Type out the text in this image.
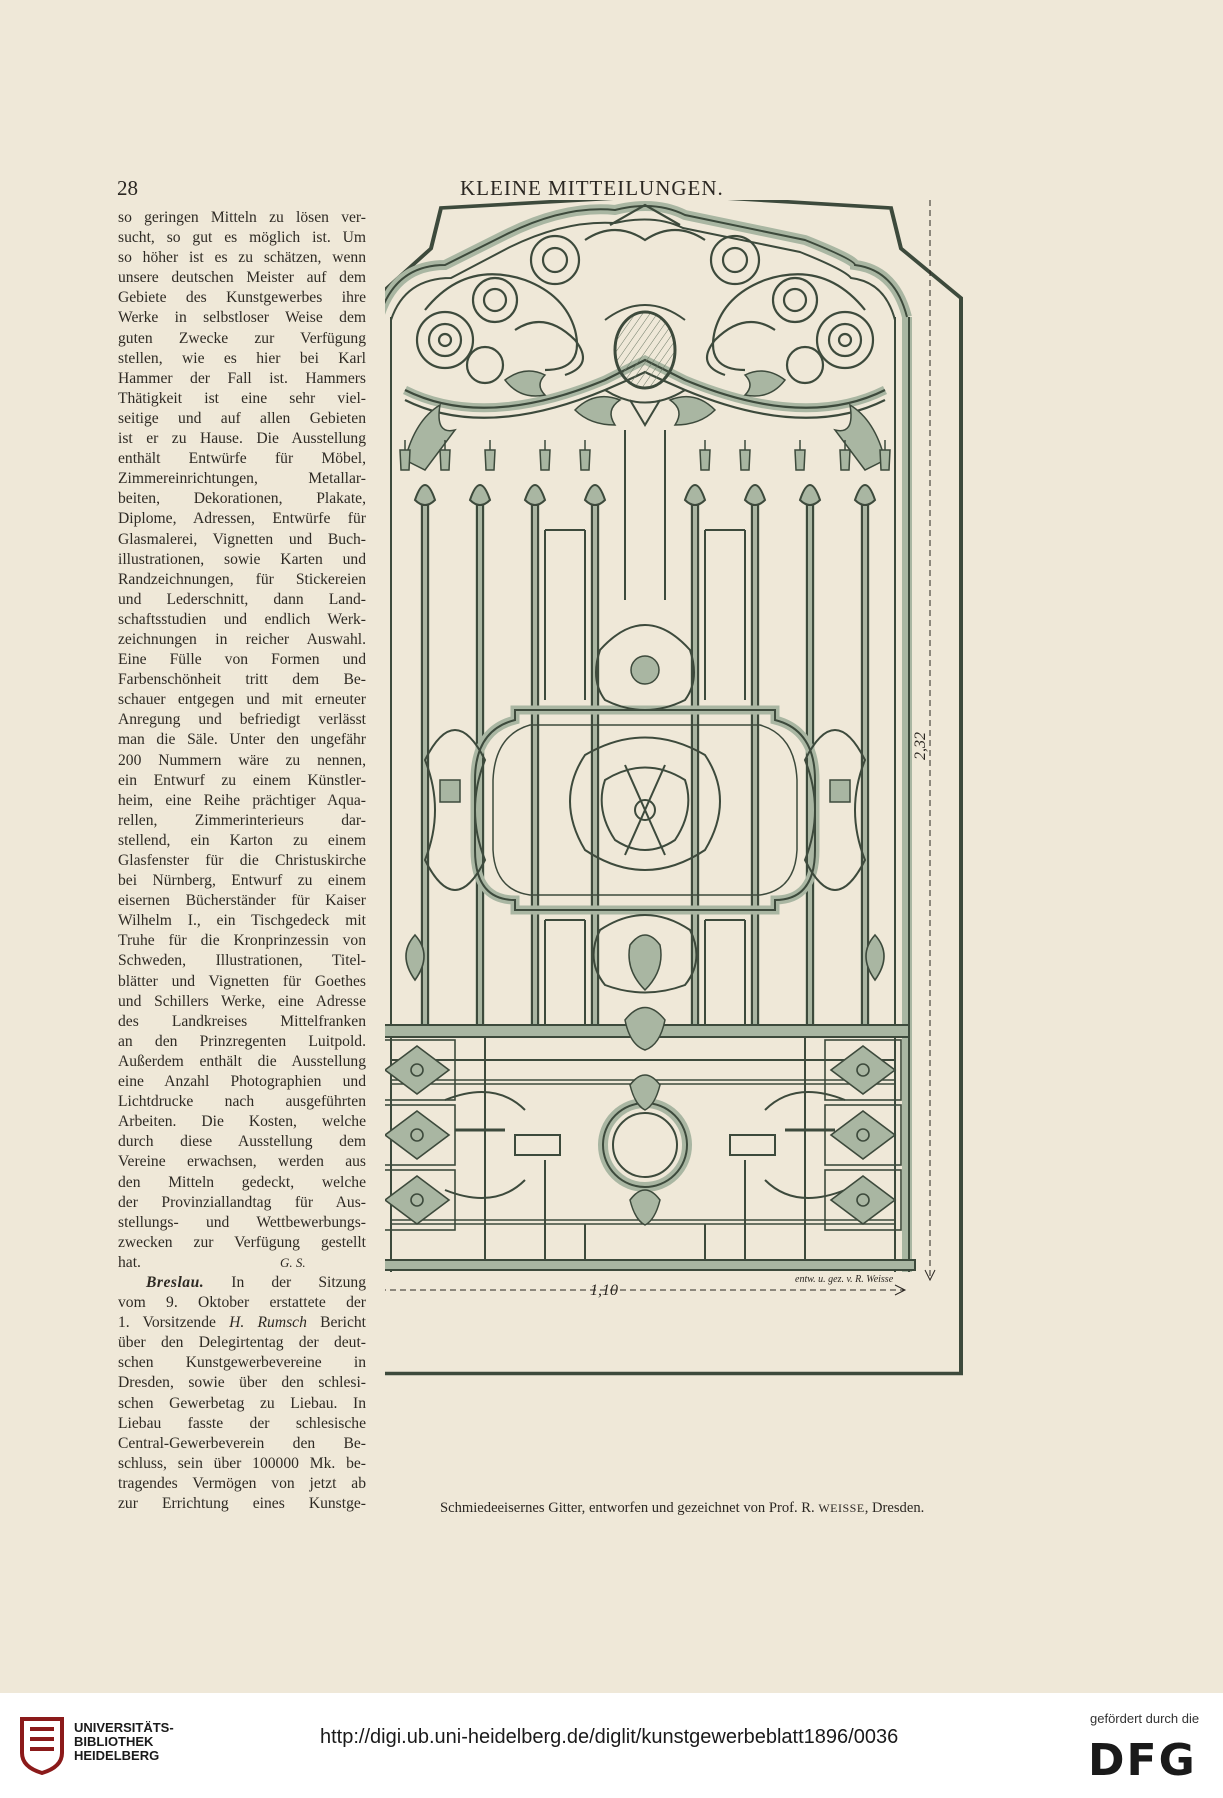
28	KLEINE MITTEILUNGEN.
so geringen Mitteln zu lösen ver-
sucht, so gut es möglich ist. Um
so höher ist es zu schätzen, wenn
unsere deutschen Meister auf dem
Gebiete des Kunstgewerbes ihre
Werke in selbstloser Weise dem
guten Zwecke zur Verfügung
stellen, wie es hier bei Karl
Hammer der Fall ist. Hammers
Thätigkeit ist eine sehr viel-
seitige und auf allen Gebieten
ist er zu Hause. Die Ausstellung
enthält Entwürfe für Möbel,
Zimmereinrichtungen, Metallar-
beiten, Dekorationen, Plakate,
Diplome, Adressen, Entwürfe für
Glasmalerei, Vignetten und Buch-
illustrationen, sowie Karten und
Randzeichnungen, für Stickereien
und Lederschnitt, dann Land-
schaftsstudien und endlich Werk-
zeichnungen in reicher Auswahl.
Eine Fülle von Formen und
Farbenschönheit tritt dem Be-
schauer entgegen und mit erneuter
Anregung und befriedigt verlässt
man die Säle. Unter den ungefähr
200 Nummern wäre zu nennen,
ein Entwurf zu einem Künstler-
heim, eine Reihe prächtiger Aqua-
rellen, Zimmerinterieurs dar-
stellend, ein Karton zu einem
Glasfenster für die Christuskirche
bei Nürnberg, Entwurf zu einem
eisernen Bücherständer für Kaiser
Wilhelm I., ein Tischgedeck mit
Truhe für die Kronprinzessin von
Schweden, Illustrationen, Titel-
blätter und Vignetten für Goethes
und Schillers Werke, eine Adresse
des Landkreises Mittelfranken
an den Prinzregenten Luitpold.
Außerdem enthält die Ausstellung
eine Anzahl Photographien und
Lichtdrucke nach ausgeführten
Arbeiten. Die Kosten, welche
durch diese Ausstellung dem
Vereine erwachsen, werden aus
den Mitteln gedeckt, welche
der Provinziallandtag für Aus-
stellungs- und Wettbewerbungs-
zwecken zur Verfügung gestellt
hat.	G. S.
Breslau. In der Sitzung
vom 9. Oktober erstattete der
1. Vorsitzende H. Rumsch Bericht
über den Delegirtentag der deut-
schen Kunstgewerbevereine in
Dresden, sowie über den schlesi-
schen Gewerbetag zu Liebau. In
Liebau fasste der schlesische
Central-Gewerbeverein den Be-
schluss, sein über 100000 Mk. be-
tragendes Vermögen von jetzt ab
zur Errichtung eines Kunstge-
2,32
1,10
entw. u. gez. v. R. Weisse
Schmiedeeisernes Gitter, entworfen und gezeichnet von Prof. R. WEISSE, Dresden.
UNIVERSITÄTS-
BIBLIOTHEK
HEIDELBERG
http://digi.ub.uni-heidelberg.de/diglit/kunstgewerbeblatt1896/0036
gefördert durch die
DFG
